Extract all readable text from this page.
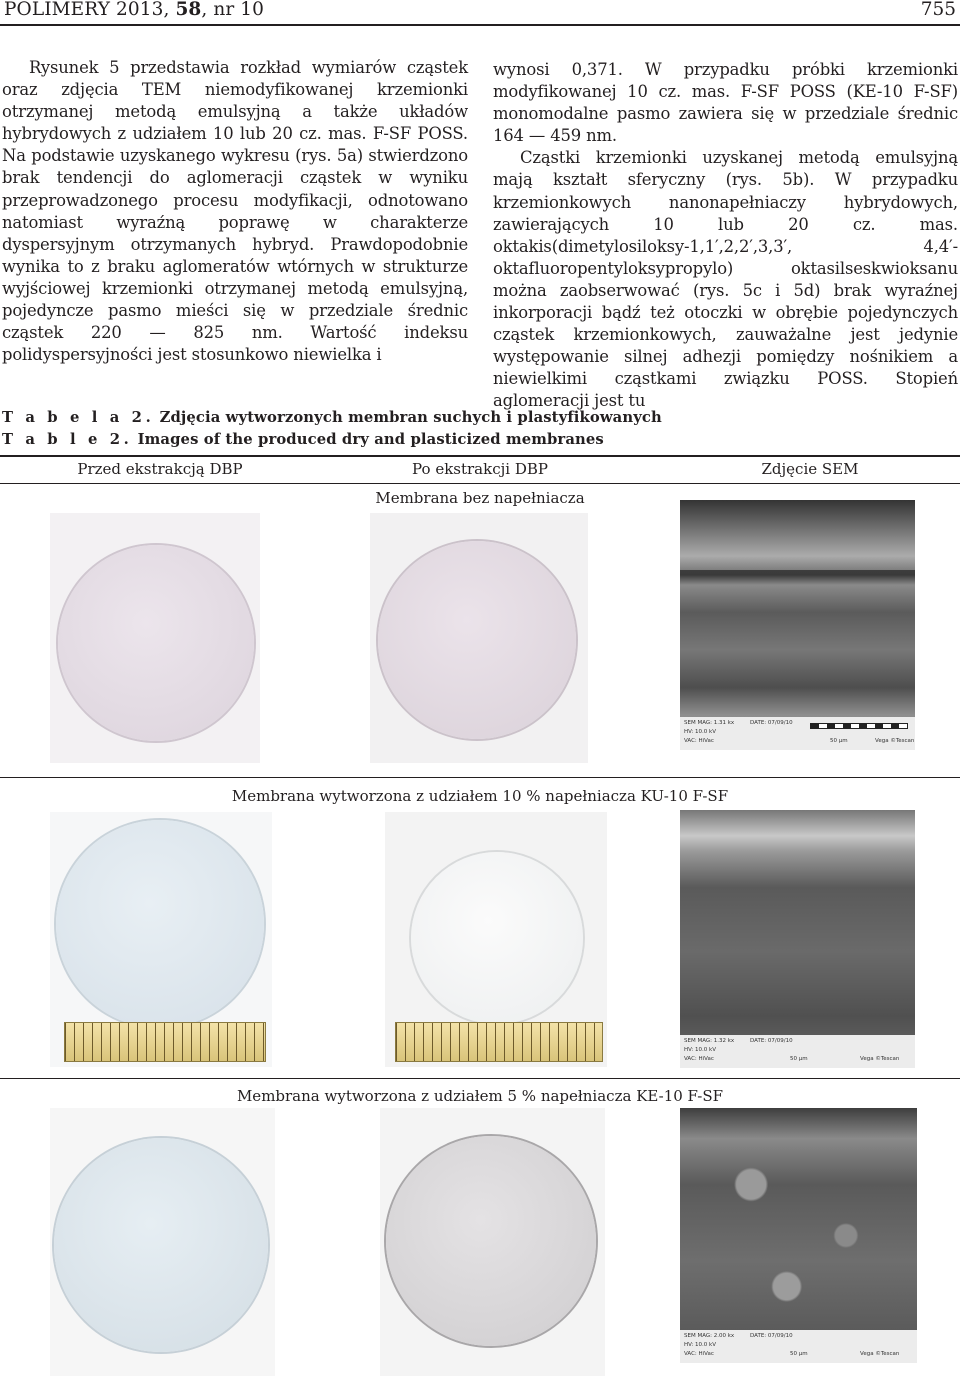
POLIMERY 2013, 58, nr 10	755

Rysunek 5 przedstawia rozkład wymiarów cząstek oraz zdjęcia TEM niemodyfikowanej krzemionki otrzymanej metodą emulsyjną a także układów hybrydowych z udziałem 10 lub 20 cz. mas. F-SF POSS. Na podstawie uzyskanego wykresu (rys. 5a) stwierdzono brak tendencji do aglomeracji cząstek w wyniku przeprowadzonego procesu modyfikacji, odnotowano natomiast wyraźną poprawę w charakterze dyspersyjnym otrzymanych hybryd. Prawdopodobnie wynika to z braku aglomeratów wtórnych w strukturze wyjściowej krzemionki otrzymanej metodą emulsyjną, pojedyncze pasmo mieści się w przedziale średnic cząstek 220 — 825 nm. Wartość indeksu polidyspersyjności jest stosunkowo niewielka i

wynosi 0,371. W przypadku próbki krzemionki modyfikowanej 10 cz. mas. F-SF POSS (KE-10 F-SF) monomodalne pasmo zawiera się w przedziale średnic 164 — 459 nm.

Cząstki krzemionki uzyskanej metodą emulsyjną mają kształt sferyczny (rys. 5b). W przypadku krzemionkowych nanonapełniaczy hybrydowych, zawierających 10 lub 20 cz. mas. oktakis(dimetylosiloksy-1,1′,2,2′,3,3′, 4,4′-oktafluoropentyloksypropylo) oktasilseskwioksanu można zaobserwować (rys. 5c i 5d) brak wyraźnej inkorporacji bądź też otoczki w obrębie pojedynczych cząstek krzemionkowych, zauważalne jest jedynie występowanie silnej adhezji pomiędzy nośnikiem a niewielkimi cząstkami związku POSS. Stopień aglomeracji jest tu

T a b e l a 2. Zdjęcia wytworzonych membran suchych i plastyfikowanych
T a b l e 2. Images of the produced dry and plasticized membranes
Przed ekstrakcją DBP	Po ekstrakcji DBP	Zdjęcie SEM
Membrana bez napełniacza
SEM MAG: 1.31 kx
HV: 10.0 kV
VAC: HiVac
DATE: 07/09/10
50 µm	Vega ©Tescan
Membrana wytworzona z udziałem 10 % napełniacza KU-10 F-SF
SEM MAG: 1.32 kx
HV: 10.0 kV
VAC: HiVac
DATE: 07/09/10
50 µm	Vega ©Tescan
Membrana wytworzona z udziałem 5 % napełniacza KE-10 F-SF
SEM MAG: 2.00 kx
HV: 10.0 kV
VAC: HiVac
DATE: 07/09/10
50 µm	Vega ©Tescan
